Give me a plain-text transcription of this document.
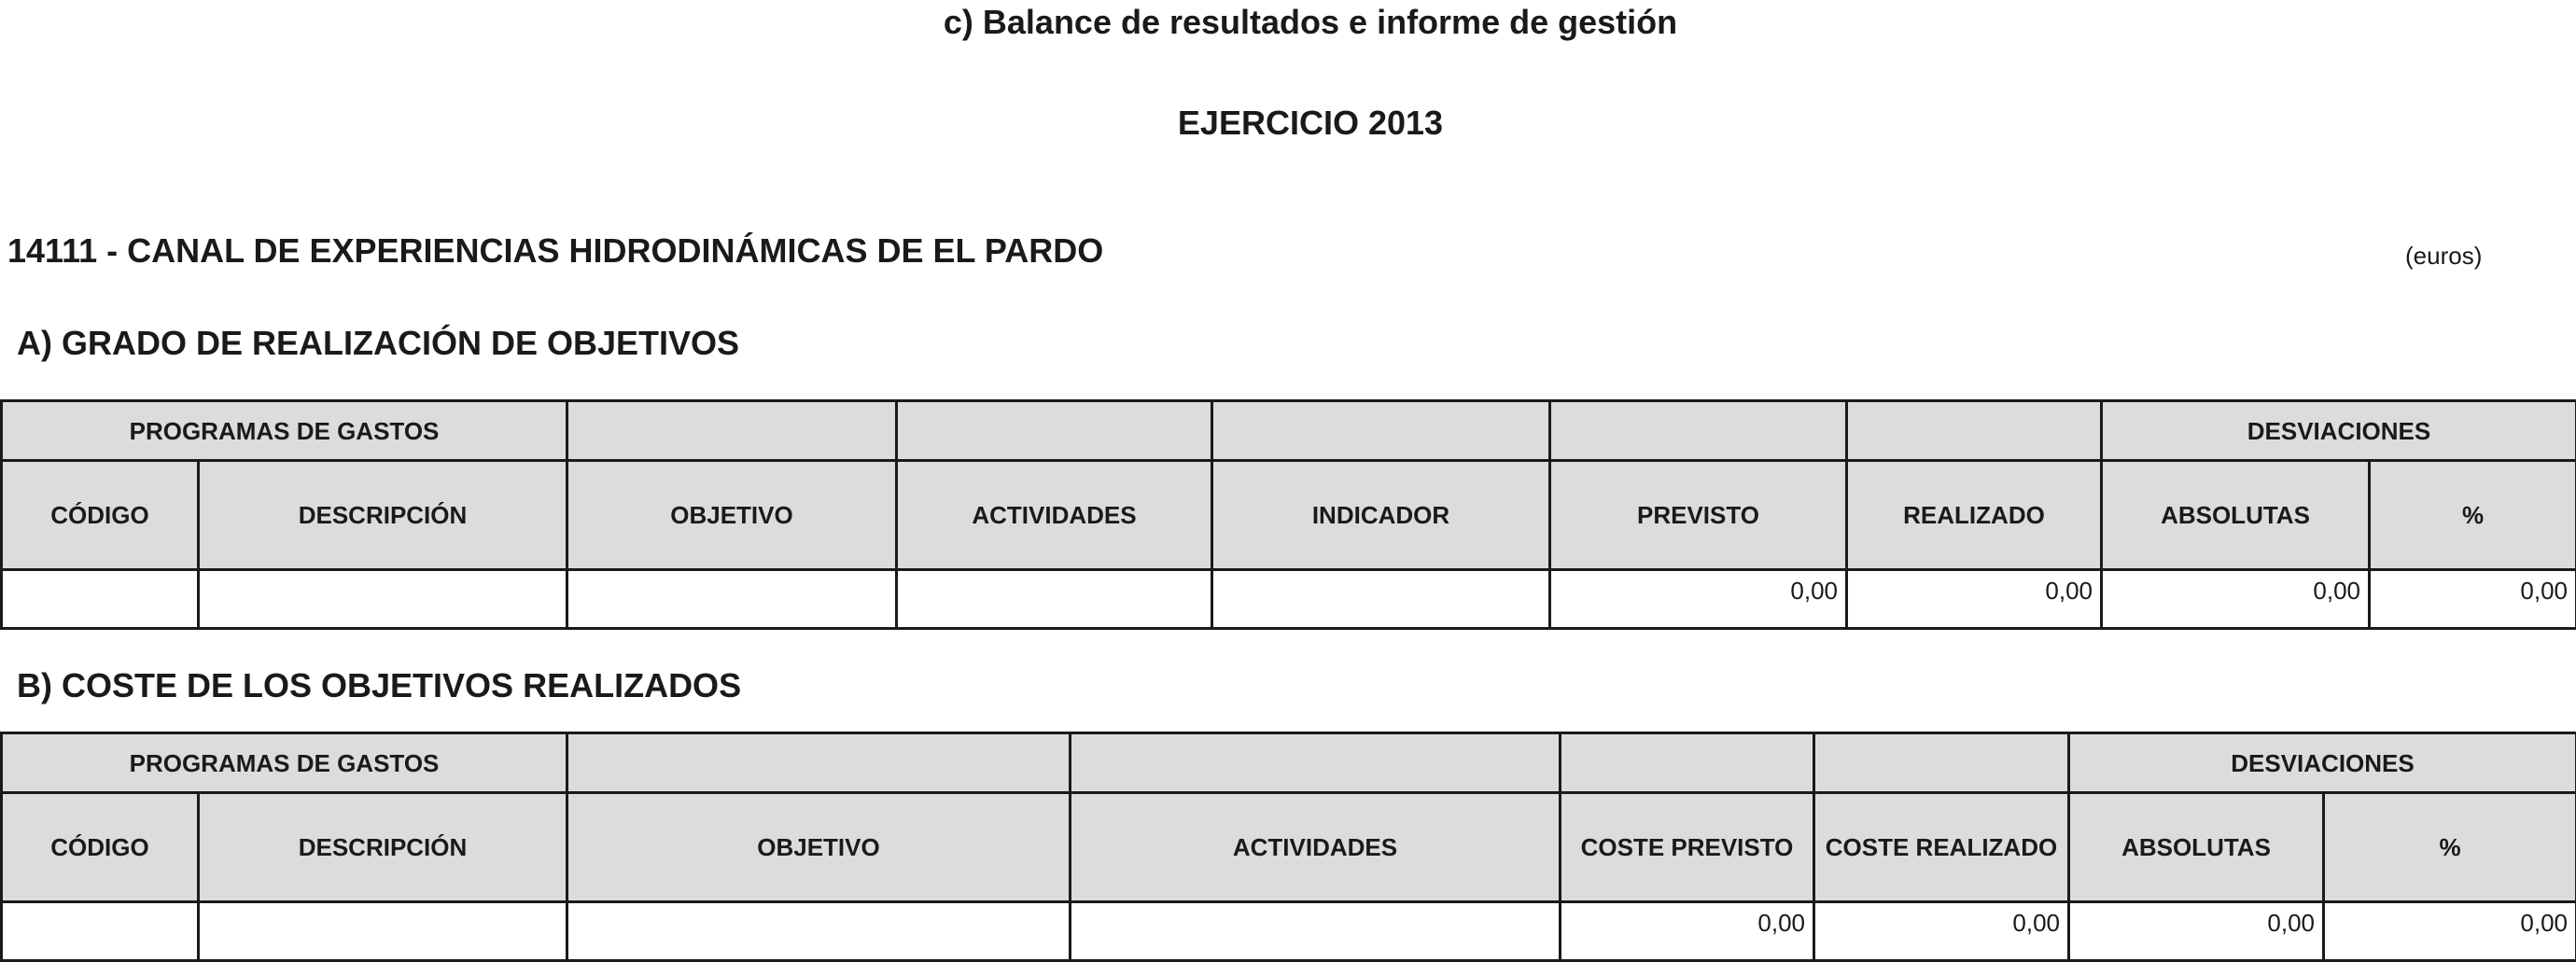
c) Balance de resultados e informe de gestión
EJERCICIO 2013
14111 - CANAL DE EXPERIENCIAS HIDRODINÁMICAS DE EL PARDO	(euros)
A) GRADO DE REALIZACIÓN DE OBJETIVOS
PROGRAMAS DE GASTOS							DESVIACIONES	
CÓDIGO	DESCRIPCIÓN	OBJETIVO	ACTIVIDADES	INDICADOR	PREVISTO	REALIZADO	ABSOLUTAS	%
					0,00	0,00	0,00	0,00
B) COSTE DE LOS OBJETIVOS REALIZADOS
PROGRAMAS DE GASTOS						DESVIACIONES	
CÓDIGO	DESCRIPCIÓN	OBJETIVO	ACTIVIDADES	COSTE PREVISTO	COSTE REALIZADO	ABSOLUTAS	%
				0,00	0,00	0,00	0,00
